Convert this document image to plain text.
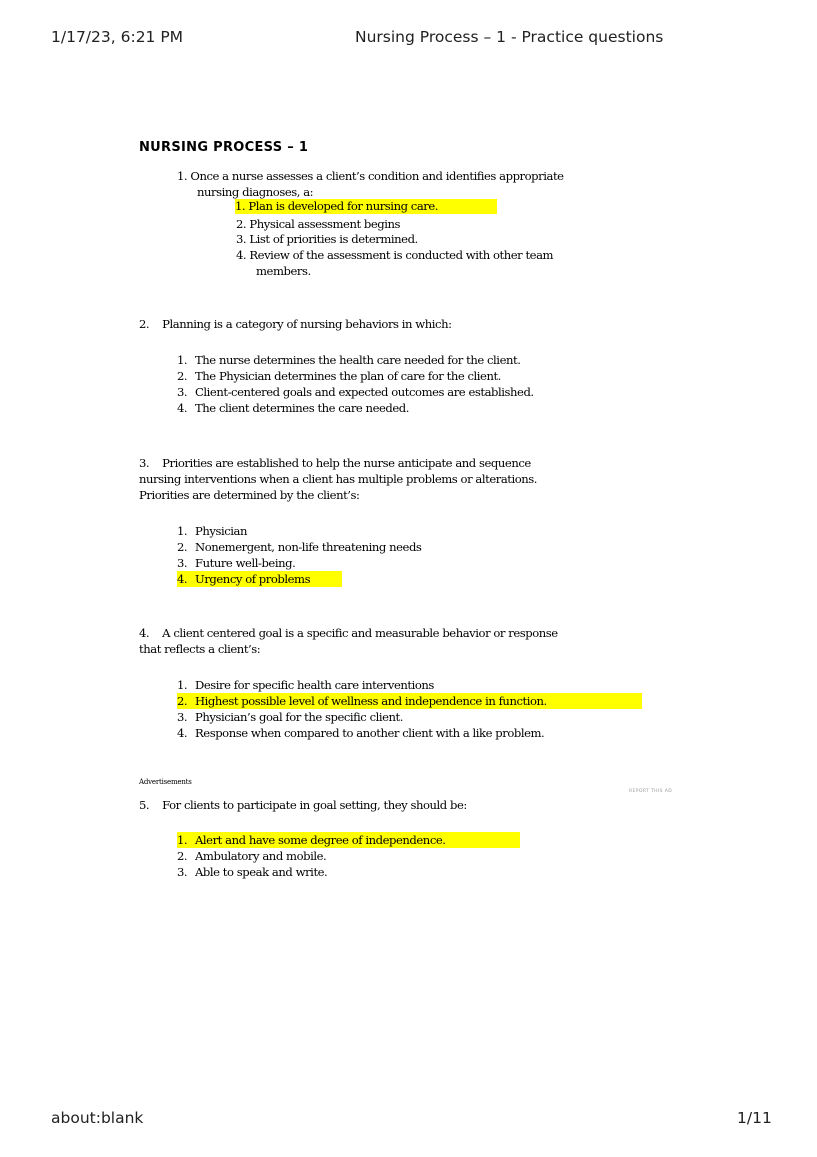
1/17/23, 6:21 PM	Nursing Process – 1 - Practice questions
NURSING PROCESS – 1
1. Once a nurse assesses a client’s condition and identifies appropriate
nursing diagnoses, a:
1. Plan is developed for nursing care.
2. Physical assessment begins
3. List of priorities is determined.
4. Review of the assessment is conducted with other team
members.
2. Planning is a category of nursing behaviors in which:
1. The nurse determines the health care needed for the client.
2. The Physician determines the plan of care for the client.
3. Client-centered goals and expected outcomes are established.
4. The client determines the care needed.
3. Priorities are established to help the nurse anticipate and sequence
nursing interventions when a client has multiple problems or alterations.
Priorities are determined by the client’s:
1. Physician
2. Nonemergent, non-life threatening needs
3. Future well-being.
4. Urgency of problems
4. A client centered goal is a specific and measurable behavior or response
that reflects a client’s:
1. Desire for specific health care interventions
2. Highest possible level of wellness and independence in function.
3. Physician’s goal for the specific client.
4. Response when compared to another client with a like problem.
Advertisements
REPORT THIS AD
5. For clients to participate in goal setting, they should be:
1. Alert and have some degree of independence.
2. Ambulatory and mobile.
3. Able to speak and write.
about:blank	1/11
